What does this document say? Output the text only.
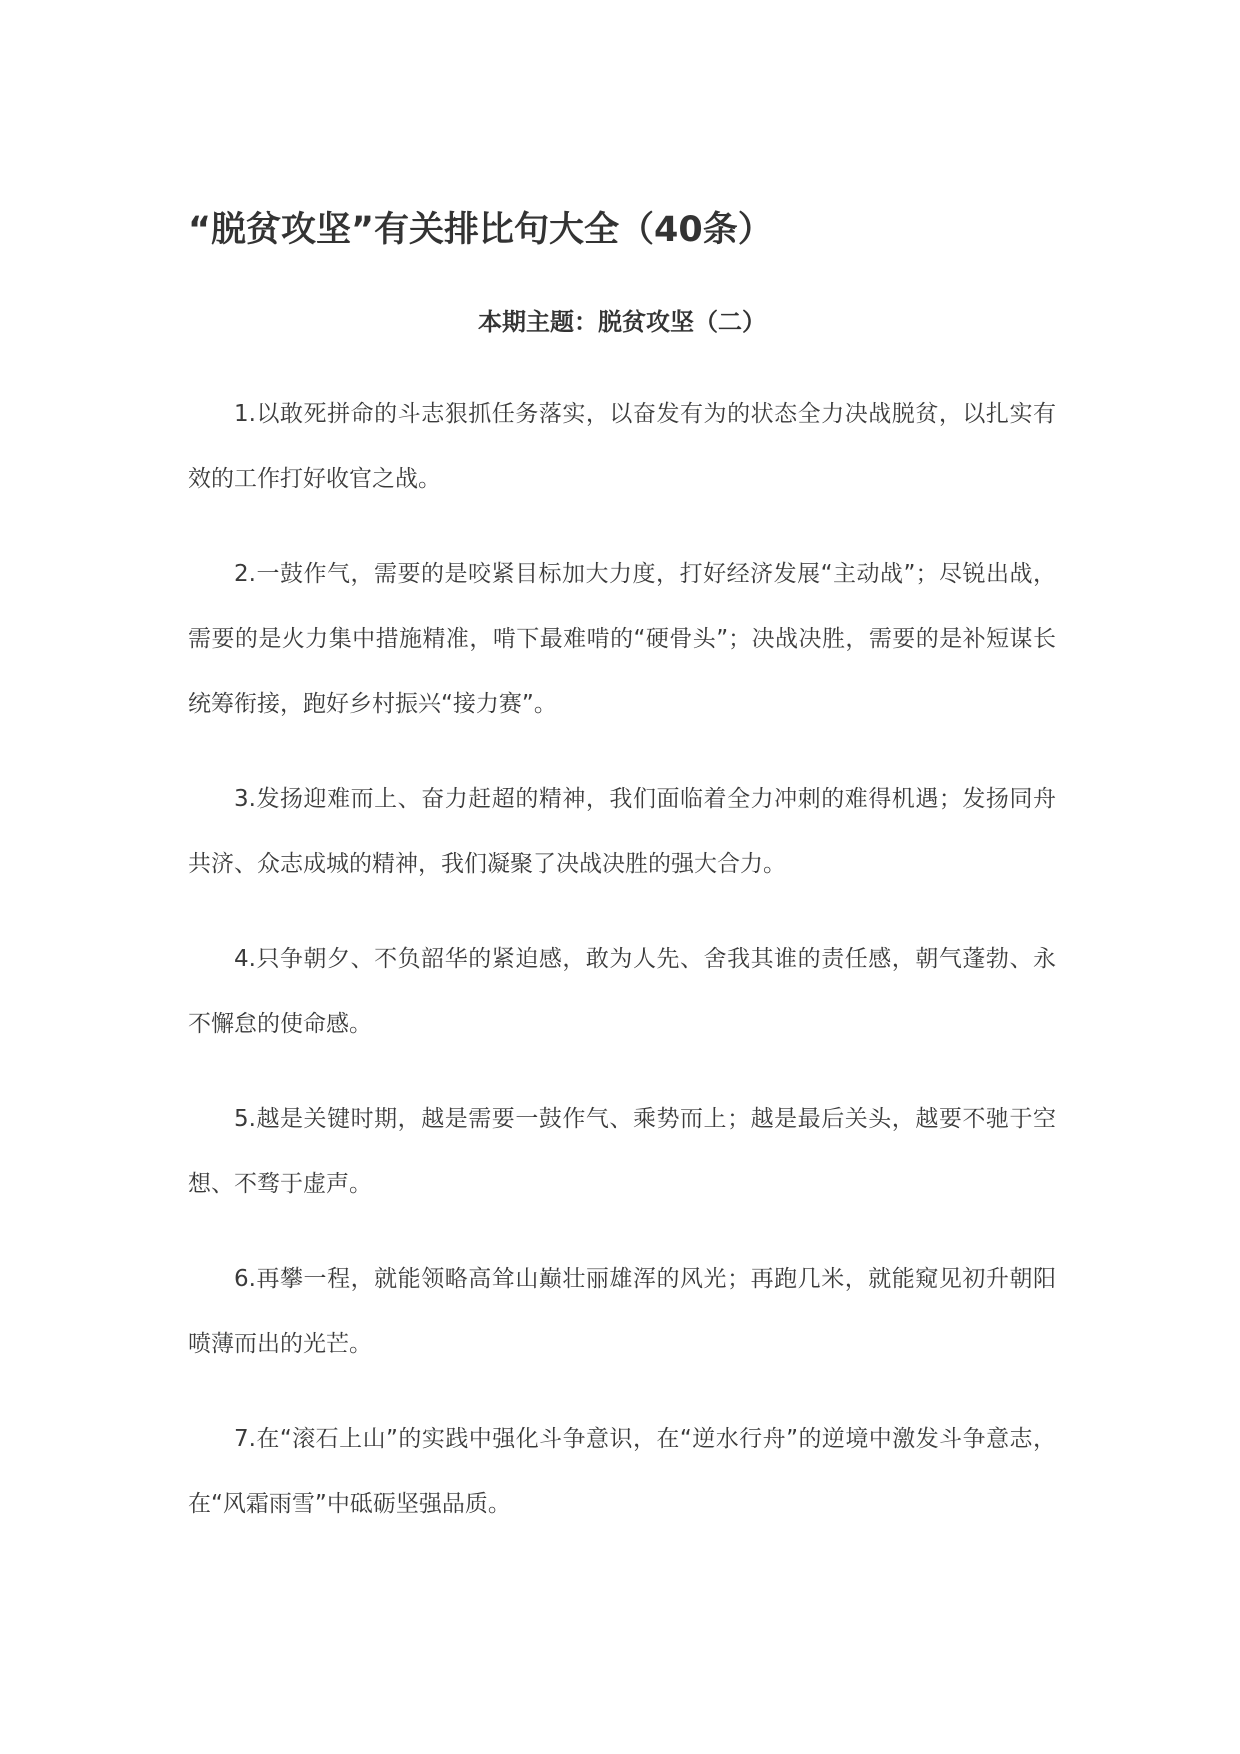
“脱贫攻坚”有关排比句大全（40条）
本期主题：脱贫攻坚（二）
1.以敢死拼命的斗志狠抓任务落实，以奋发有为的状态全力决战脱贫，以扎实有效的工作打好收官之战。
2.一鼓作气，需要的是咬紧目标加大力度，打好经济发展“主动战”；尽锐出战，需要的是火力集中措施精准，啃下最难啃的“硬骨头”；决战决胜，需要的是补短谋长统筹衔接，跑好乡村振兴“接力赛”。
3.发扬迎难而上、奋力赶超的精神，我们面临着全力冲刺的难得机遇；发扬同舟共济、众志成城的精神，我们凝聚了决战决胜的强大合力。
4.只争朝夕、不负韶华的紧迫感，敢为人先、舍我其谁的责任感，朝气蓬勃、永不懈怠的使命感。
5.越是关键时期，越是需要一鼓作气、乘势而上；越是最后关头，越要不驰于空想、不骛于虚声。
6.再攀一程，就能领略高耸山巅壮丽雄浑的风光；再跑几米，就能窥见初升朝阳喷薄而出的光芒。
7.在“滚石上山”的实践中强化斗争意识，在“逆水行舟”的逆境中激发斗争意志，在“风霜雨雪”中砥砺坚强品质。
